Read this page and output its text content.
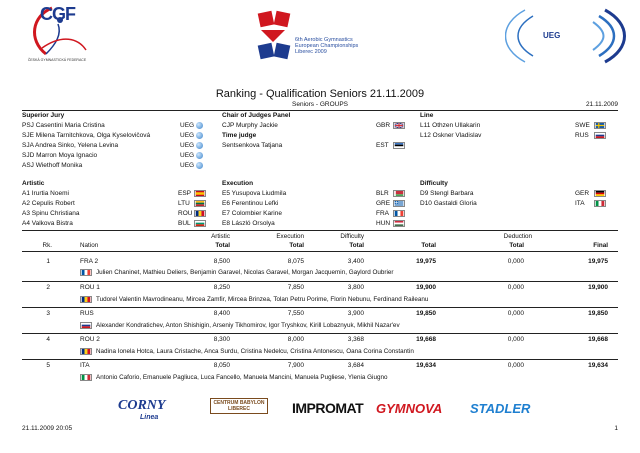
CGF
ČESKÁ GYMNASTICKÁ FEDERACE
6th Aerobic Gymnastics
European Championships
Liberec 2009
UEG
Ranking - Qualification Seniors 21.11.2009
Seniors - GROUPS	21.11.2009
Superior Jury
PSJ Casentini Maria Cristina	UEG
SJE Milena Tarnitchkova, Olga Kyselovičová	UEG
SJA Andrea Sinko, Yelena Levina	UEG
SJD Marron Moya Ignacio	UEG
ASJ Wiethoff Monika	UEG
Chair of Judges Panel
CJP Murphy Jackie	GBR
Time judge
Sentsenkova Tatjana	EST
Line
L11 Othzen Ullakarin	SWE
L12 Oskner Vladislav	RUS
Artistic
A1 Irurtia Noemi	ESP
A2 Cepulis Robert	LTU
A3 Spinu Christiana	ROU
A4 Valkova Bistra	BUL
Execution
E5 Yusupova Liudmila	BLR
E6 Ferentinou Lefki	GRE
E7 Colombier Karine	FRA
E8 László Orsolya	HUN
Difficulty
D9 Stengl Barbara	GER
D10 Gastaldi Gloria	ITA
Artistic	Execution	Difficulty	Deduction
Rk.	Nation	Total	Total	Total	Total	Total	Final
1	FRA 2	8,500	8,075	3,400	19,975	0,000	19,975
Julien Chaninet, Mathieu Deliers, Benjamin Garavel, Nicolas Garavel, Morgan Jacquemin, Gaylord Oubrier
2	ROU 1	8,250	7,850	3,800	19,900	0,000	19,900
Tudorel Valentin Mavrodineanu, Mircea Zamfir, Mircea Brinzea, Tolan Petru Porime, Florin Nebunu, Ferdinand Raileanu
3	RUS	8,400	7,550	3,900	19,850	0,000	19,850
Alexander Kondratichev, Anton Shishigin, Arseniy Tikhomirov, Igor Tryshkov, Kirill Lobaznyuk, Mikhil Nazar'ev
4	ROU 2	8,300	8,000	3,368	19,668	0,000	19,668
Nadina Ionela Hotca, Laura Cristache, Anca Surdu, Cristina Nedelcu, Cristina Antonescu, Oana Corina Constantin
5	ITA	8,050	7,900	3,684	19,634	0,000	19,634
Antonio Caforio, Emanuele Pagliuca, Luca Fancello, Manuela Mancini, Manuela Pugliese, Ylenia Giugno
CORNY
Linea
CENTRUM BABYLON LIBEREC	IMPROMAT GYMNOVA STADLER
21.11.2009 20:05	1
